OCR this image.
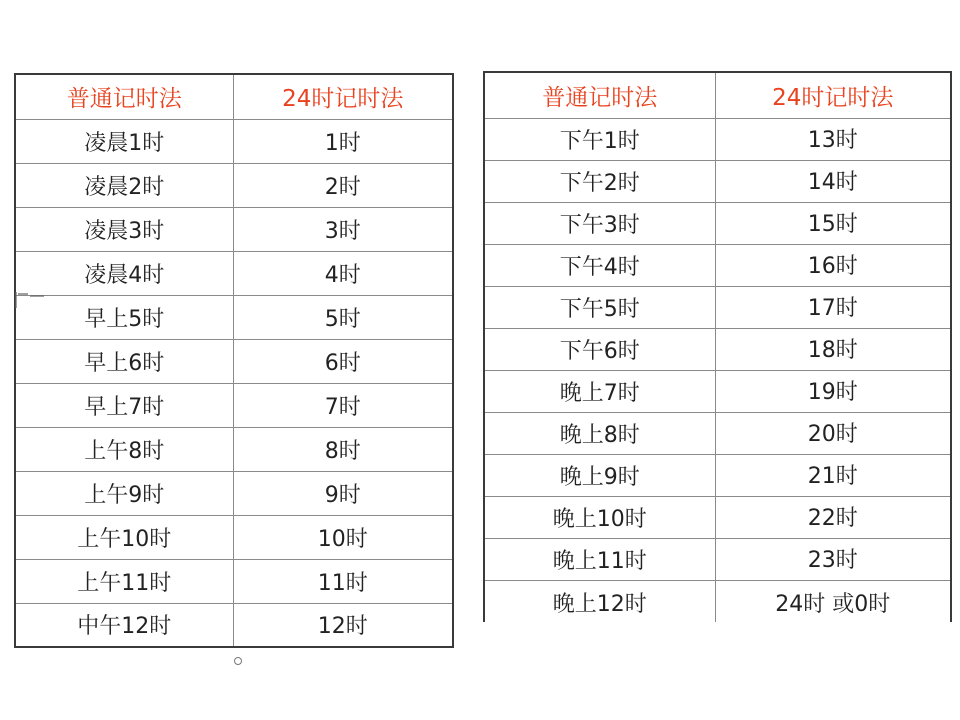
普通记时法	24时记时法
凌晨1时	1时
凌晨2时	2时
凌晨3时	3时
凌晨4时	4时
早上5时	5时
早上6时	6时
早上7时	7时
上午8时	8时
上午9时	9时
上午10时	10时
上午11时	11时
中午12时	12时
普通记时法	24时记时法
下午1时	13时
下午2时	14时
下午3时	15时
下午4时	16时
下午5时	17时
下午6时	18时
晚上7时	19时
晚上8时	20时
晚上9时	21时
晚上10时	22时
晚上11时	23时
晚上12时	24时 或0时
